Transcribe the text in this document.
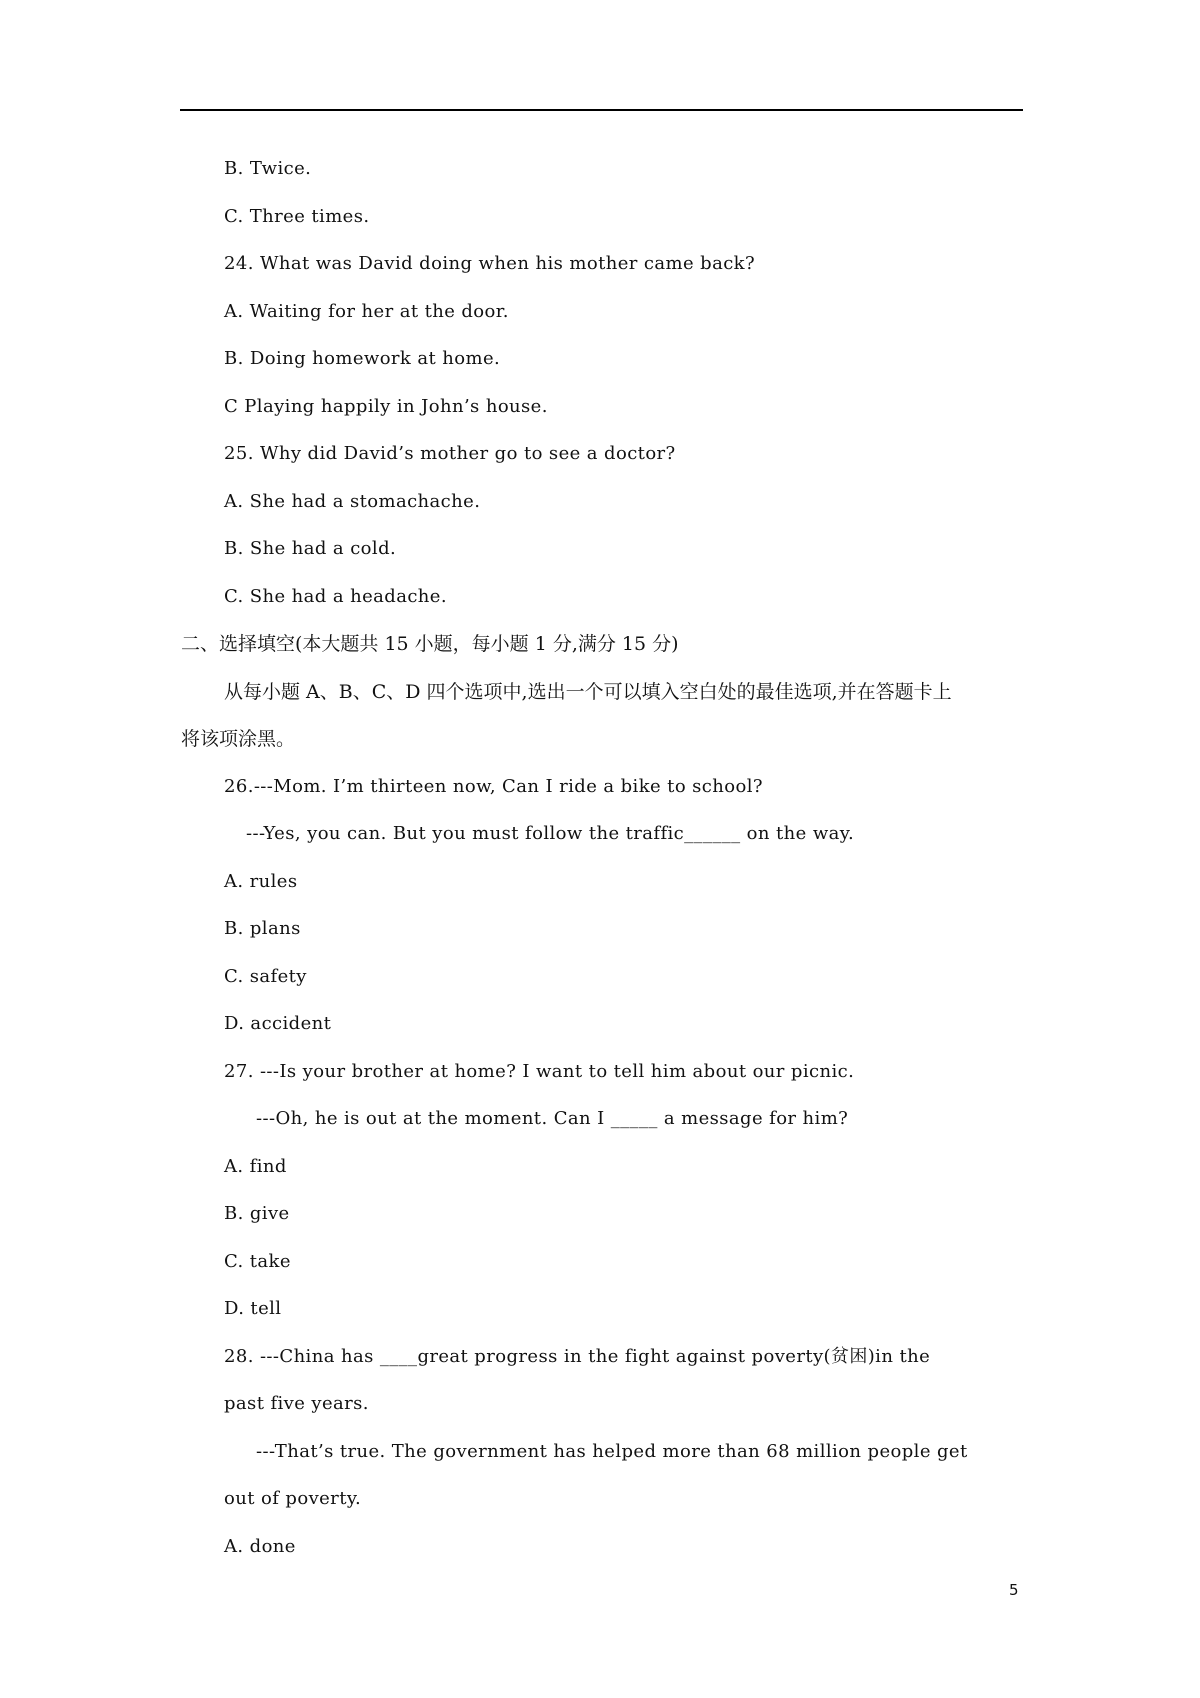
B. Twice.
C. Three times.
24. What was David doing when his mother came back?
A. Waiting for her at the door.
B. Doing homework at home.
C Playing happily in John’s house.
25. Why did David’s mother go to see a doctor?
A. She had a stomachache.
B. She had a cold.
C. She had a headache.
二、选择填空(本大题共 15 小题，每小题 1 分,满分 15 分)
从每小题 A、B、C、D 四个选项中,选出一个可以填入空白处的最佳选项,并在答题卡上
将该项涂黑。
26.---Mom. I’m thirteen now, Can I ride a bike to school?
---Yes, you can. But you must follow the traffic______ on the way.
A. rules
B. plans
C. safety
D. accident
27. ---Is your brother at home? I want to tell him about our picnic.
---Oh, he is out at the moment. Can I _____ a message for him?
A. find
B. give
C. take
D. tell
28. ---China has ____great progress in the fight against poverty(贫困)in the
past five years.
---That’s true. The government has helped more than 68 million people get
out of poverty.
A. done
5
